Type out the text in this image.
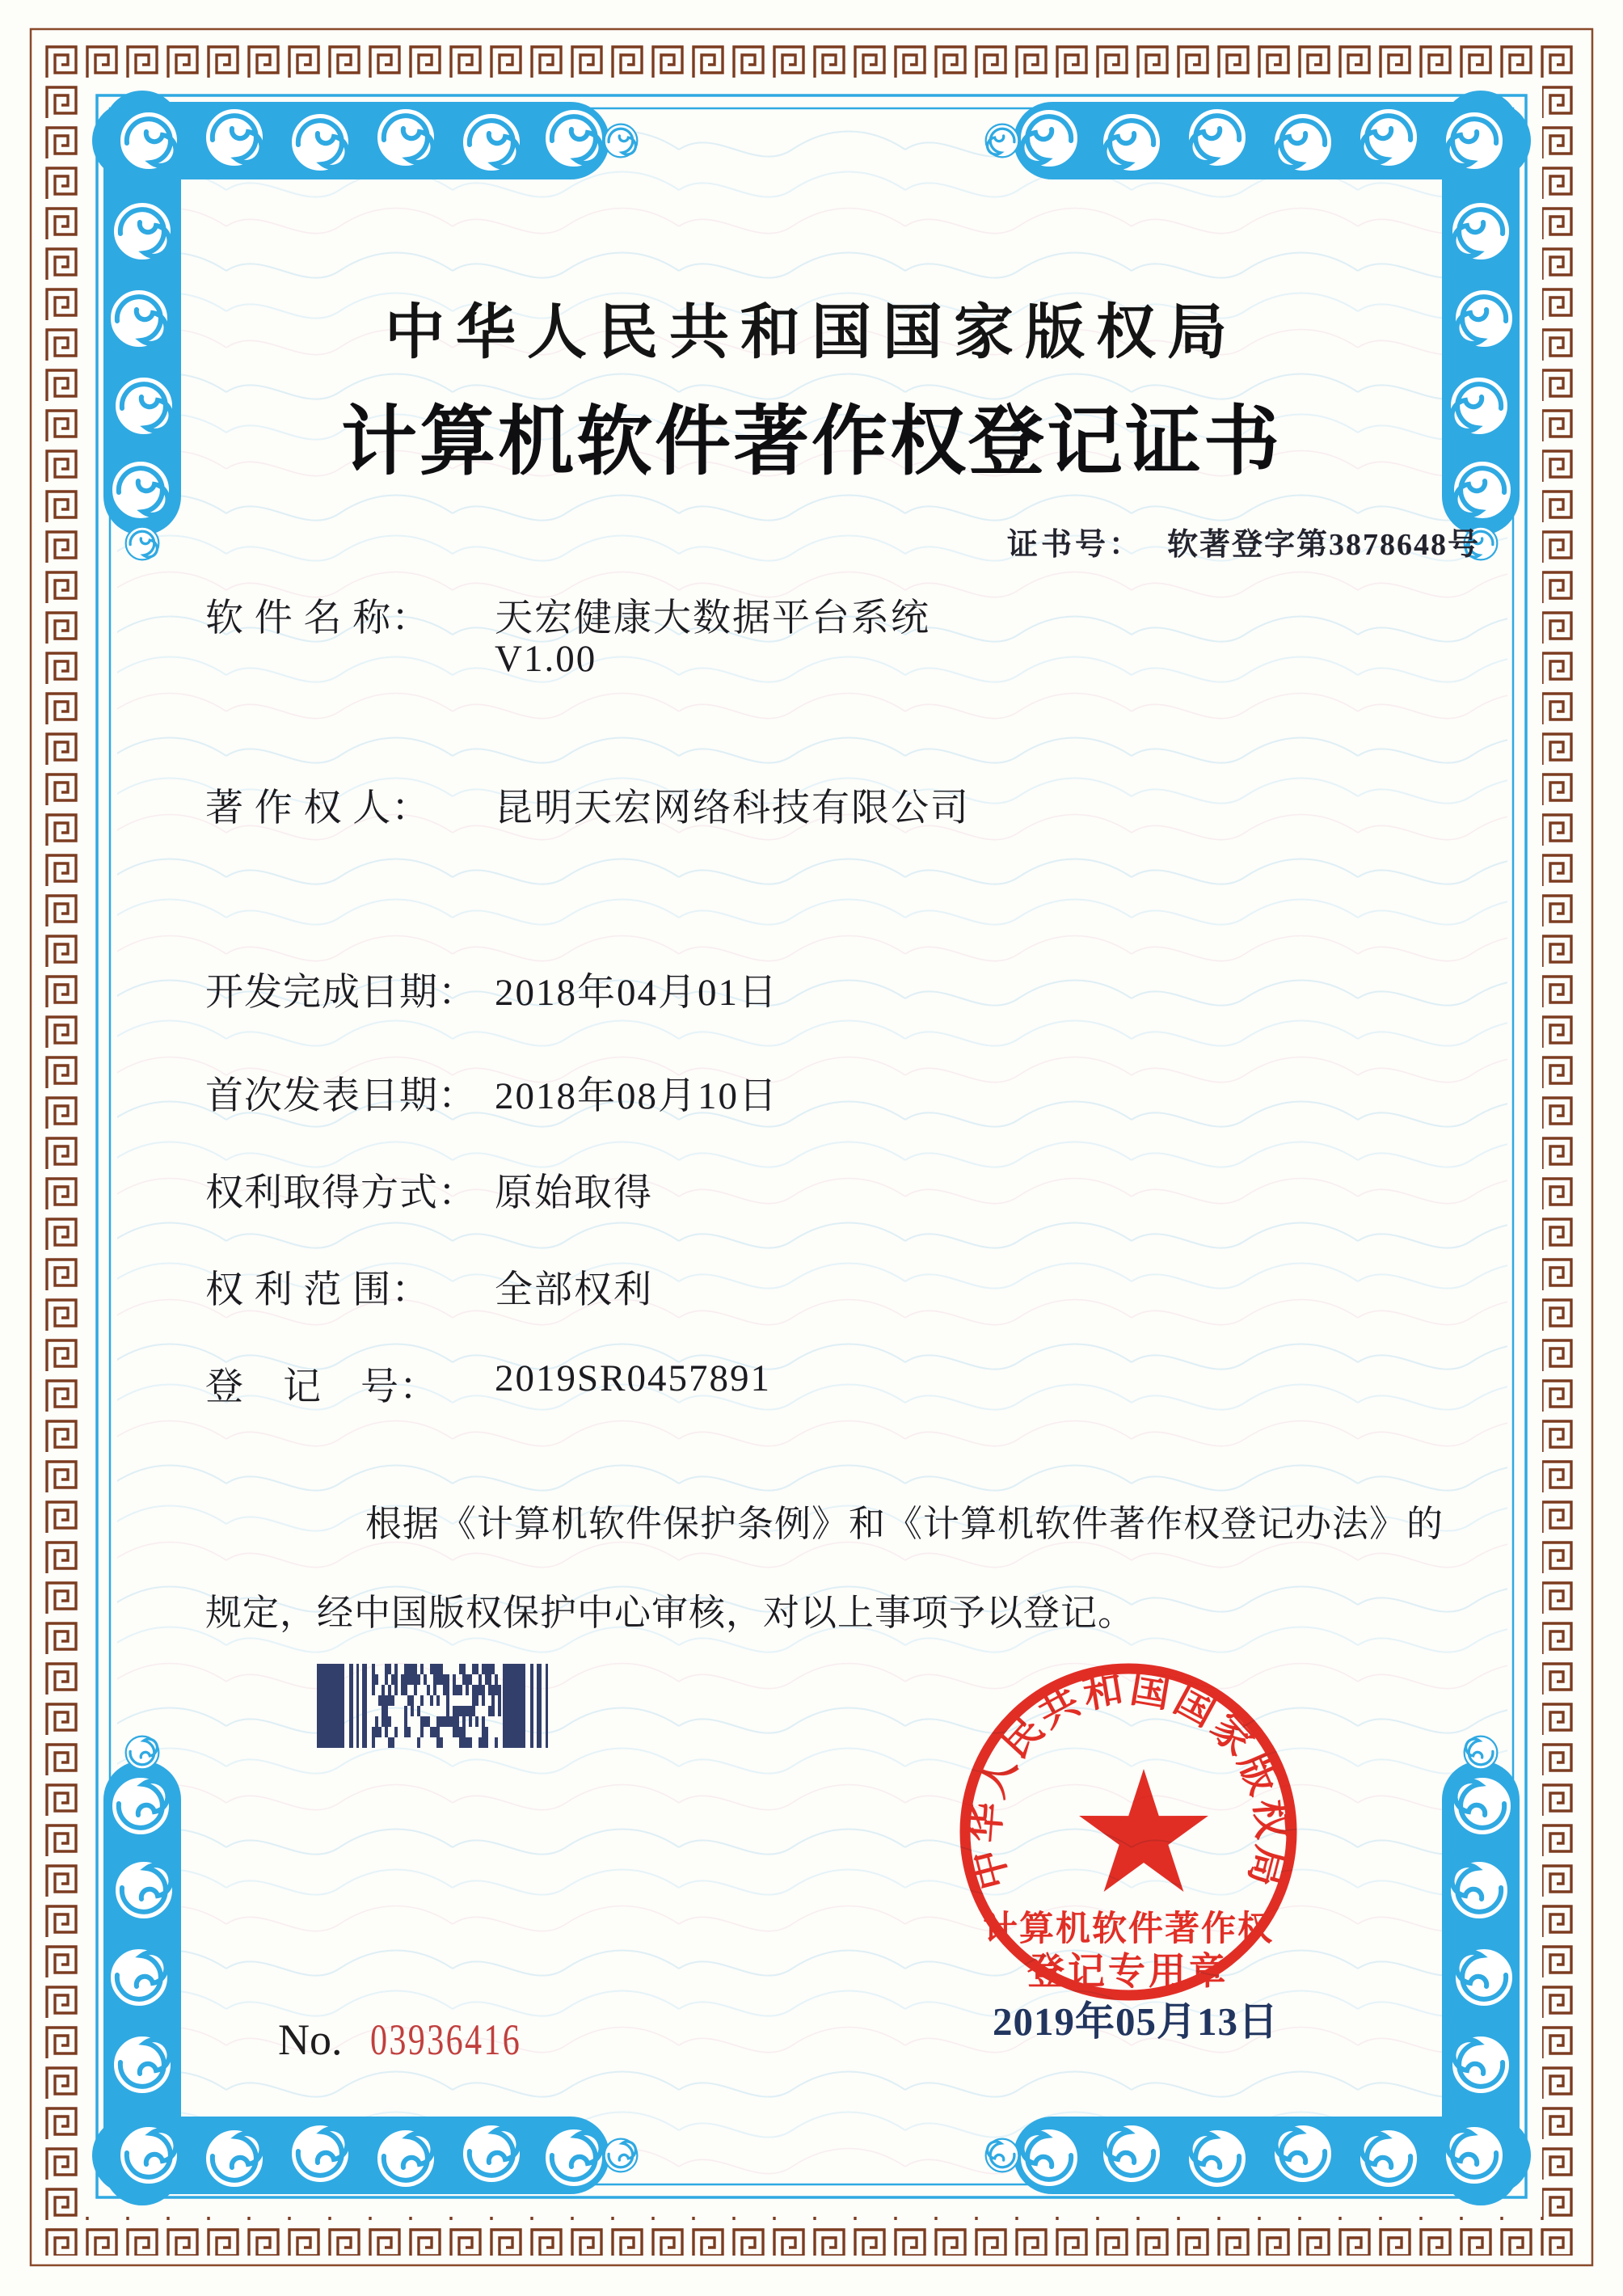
中华人民共和国国家版权局
计算机软件著作权登记证书
证书号： 软著登字第3878648号
软 件 名 称： 天宏健康大数据平台系统
V1.00
著 作 权 人： 昆明天宏网络科技有限公司
开发完成日期： 2018年04月01日
首次发表日期： 2018年08月10日
权利取得方式： 原始取得
权 利 范 围： 全部权利
登　记　号： 2019SR0457891
根据《计算机软件保护条例》和《计算机软件著作权登记办法》的
规定，经中国版权保护中心审核，对以上事项予以登记。
中华人民共和国国家版权局
计算机软件著作权
登记专用章
No. 03936416	2019年05月13日
